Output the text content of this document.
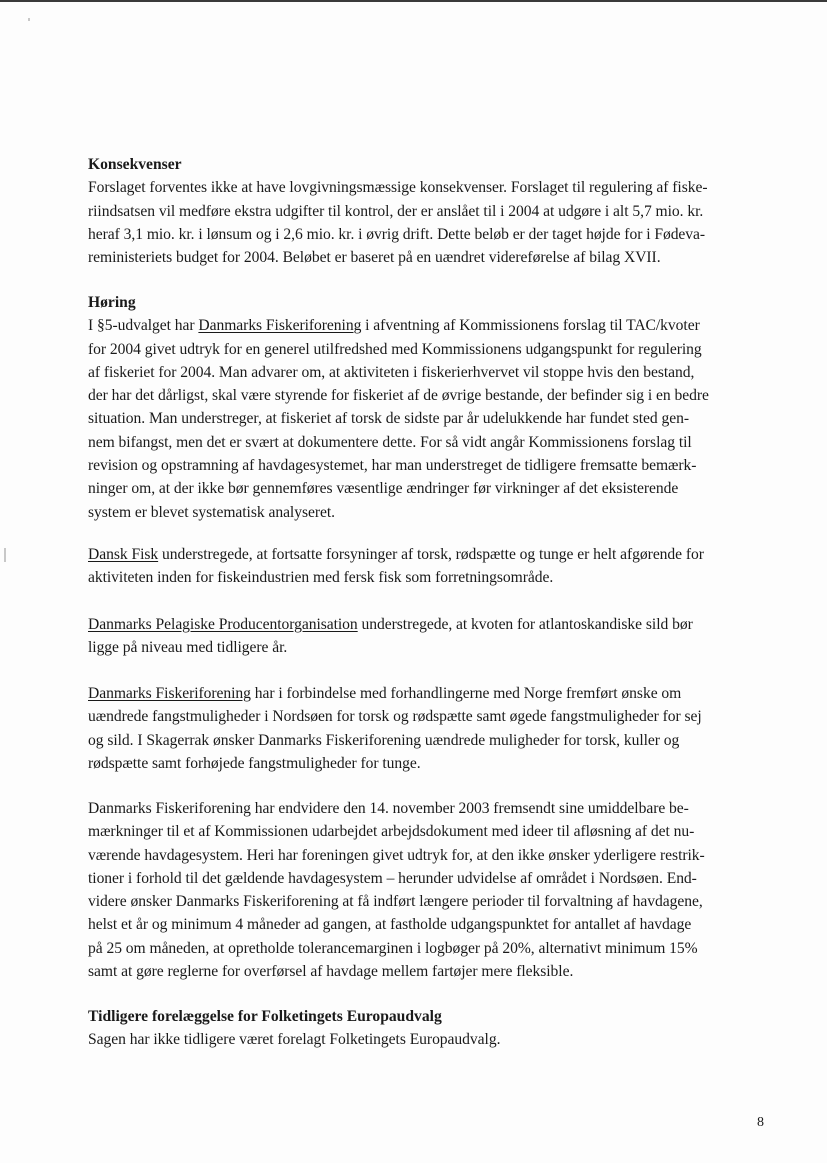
Konsekvenser

Forslaget forventes ikke at have lovgivningsmæssige konsekvenser. Forslaget til regulering af fiske-

riindsatsen vil medføre ekstra udgifter til kontrol, der er anslået til i 2004 at udgøre i alt 5,7 mio. kr.

heraf 3,1 mio. kr. i lønsum og i 2,6 mio. kr. i øvrig drift. Dette beløb er der taget højde for i Fødeva-

reministeriets budget for 2004. Beløbet er baseret på en uændret videreførelse af bilag XVII.

Høring

I §5-udvalget har Danmarks Fiskeriforening i afventning af Kommissionens forslag til TAC/kvoter

for 2004 givet udtryk for en generel utilfredshed med Kommissionens udgangspunkt for regulering

af fiskeriet for 2004. Man advarer om, at aktiviteten i fiskerierhvervet vil stoppe hvis den bestand,

der har det dårligst, skal være styrende for fiskeriet af de øvrige bestande, der befinder sig i en bedre

situation. Man understreger, at fiskeriet af torsk de sidste par år udelukkende har fundet sted gen-

nem bifangst, men det er svært at dokumentere dette. For så vidt angår Kommissionens forslag til

revision og opstramning af havdagesystemet, har man understreget de tidligere fremsatte bemærk-

ninger om, at der ikke bør gennemføres væsentlige ændringer før virkninger af det eksisterende

system er blevet systematisk analyseret.

Dansk Fisk understregede, at fortsatte forsyninger af torsk, rødspætte og tunge er helt afgørende for

aktiviteten inden for fiskeindustrien med fersk fisk som forretningsområde.

Danmarks Pelagiske Producentorganisation understregede, at kvoten for atlantoskandiske sild bør

ligge på niveau med tidligere år.

Danmarks Fiskeriforening har i forbindelse med forhandlingerne med Norge fremført ønske om

uændrede fangstmuligheder i Nordsøen for torsk og rødspætte samt øgede fangstmuligheder for sej

og sild. I Skagerrak ønsker Danmarks Fiskeriforening uændrede muligheder for torsk, kuller og

rødspætte samt forhøjede fangstmuligheder for tunge.

Danmarks Fiskeriforening har endvidere den 14. november 2003 fremsendt sine umiddelbare be-

mærkninger til et af Kommissionen udarbejdet arbejdsdokument med ideer til afløsning af det nu-

værende havdagesystem. Heri har foreningen givet udtryk for, at den ikke ønsker yderligere restrik-

tioner i forhold til det gældende havdagesystem – herunder udvidelse af området i Nordsøen. End-

videre ønsker Danmarks Fiskeriforening at få indført længere perioder til forvaltning af havdagene,

helst et år og minimum 4 måneder ad gangen, at fastholde udgangspunktet for antallet af havdage

på 25 om måneden, at opretholde tolerancemarginen i logbøger på 20%, alternativt minimum 15%

samt at gøre reglerne for overførsel af havdage mellem fartøjer mere fleksible.

Tidligere forelæggelse for Folketingets Europaudvalg

Sagen har ikke tidligere været forelagt Folketingets Europaudvalg.

8
